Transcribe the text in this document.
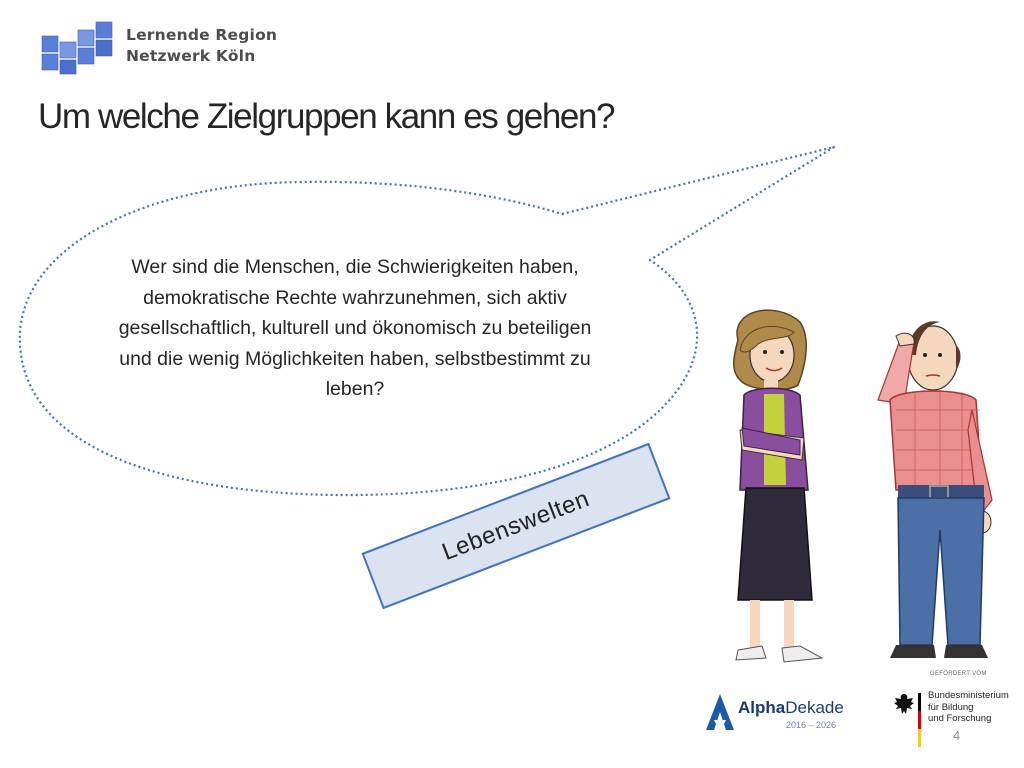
Lernende Region
Netzwerk Köln
Um welche Zielgruppen kann es gehen?
Wer sind die Menschen, die Schwierigkeiten haben, demokratische Rechte wahrzunehmen, sich aktiv gesellschaftlich, kulturell und ökonomisch zu beteiligen und die wenig Möglichkeiten haben, selbstbestimmt zu leben?
Lebenswelten
GEFÖRDERT VOM
AlphaDekade
2016 – 2026
Bundesministerium
für Bildung
und Forschung
4
